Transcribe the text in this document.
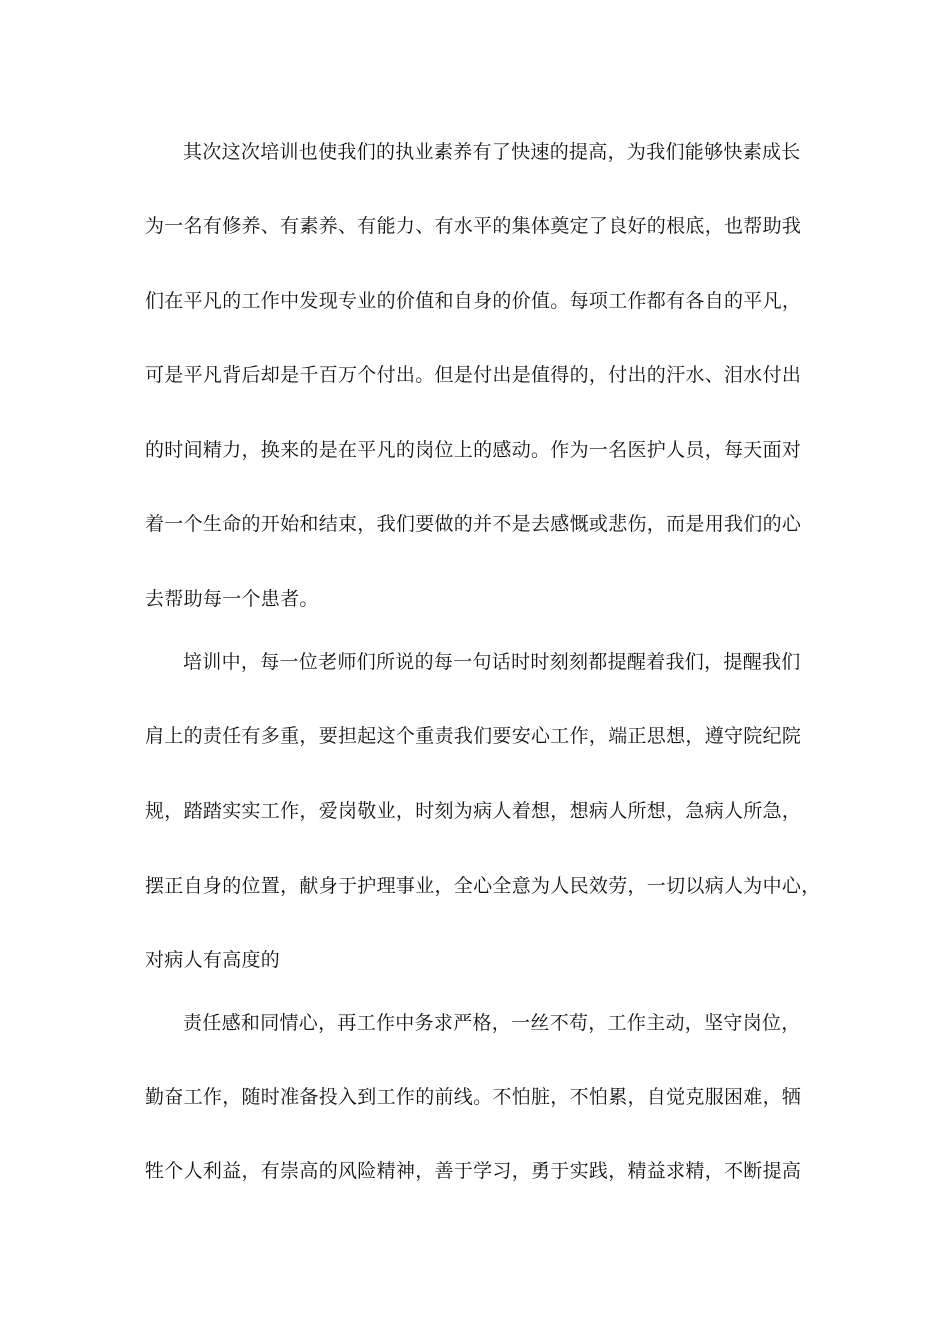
其次这次培训也使我们的执业素养有了快速的提高，为我们能够快素成长
为一名有修养、有素养、有能力、有水平的集体奠定了良好的根底，也帮助我
们在平凡的工作中发现专业的价值和自身的价值。每项工作都有各自的平凡，
可是平凡背后却是千百万个付出。但是付出是值得的，付出的汗水、泪水付出
的时间精力，换来的是在平凡的岗位上的感动。作为一名医护人员，每天面对
着一个生命的开始和结束，我们要做的并不是去感慨或悲伤，而是用我们的心
去帮助每一个患者。
培训中，每一位老师们所说的每一句话时时刻刻都提醒着我们，提醒我们
肩上的责任有多重，要担起这个重责我们要安心工作，端正思想，遵守院纪院
规，踏踏实实工作，爱岗敬业，时刻为病人着想，想病人所想，急病人所急，
摆正自身的位置，献身于护理事业，全心全意为人民效劳，一切以病人为中心，
对病人有高度的
责任感和同情心，再工作中务求严格，一丝不苟，工作主动，坚守岗位，
勤奋工作，随时准备投入到工作的前线。不怕脏，不怕累，自觉克服困难，牺
牲个人利益，有崇高的风险精神，善于学习，勇于实践，精益求精，不断提高
